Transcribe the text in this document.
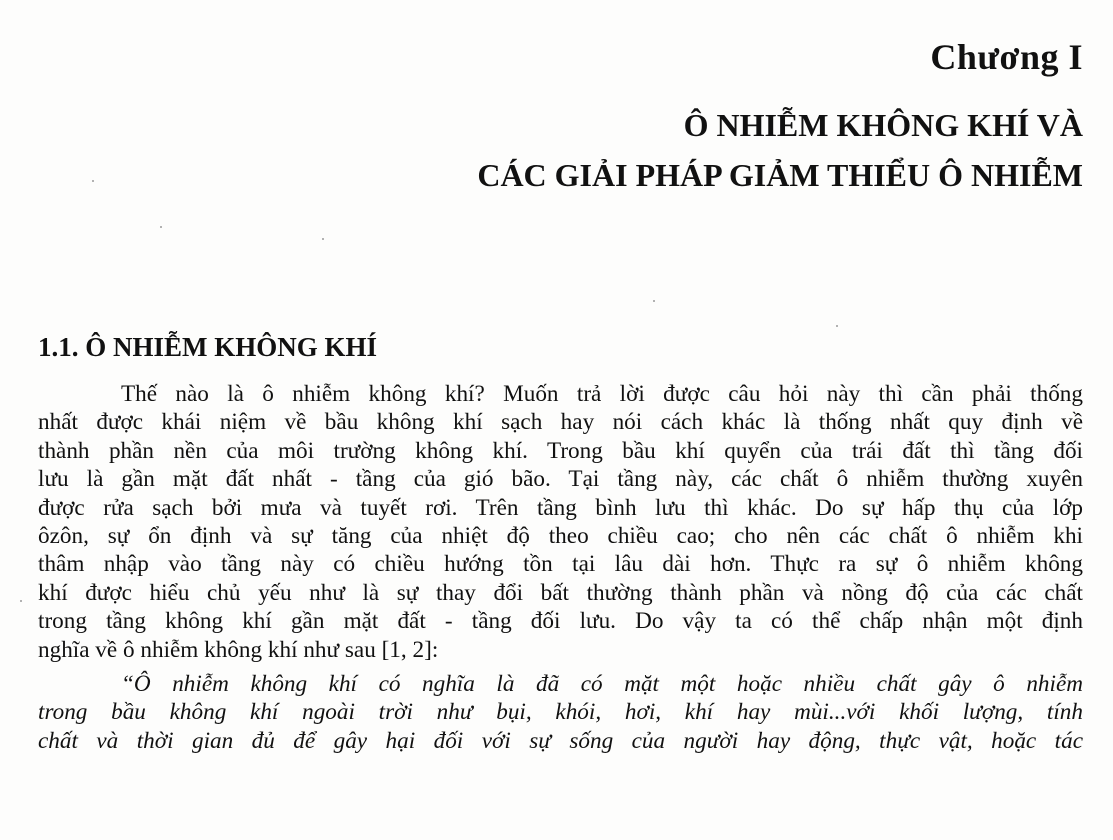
Chương I
Ô NHIỄM KHÔNG KHÍ VÀ
CÁC GIẢI PHÁP GIẢM THIỂU Ô NHIỄM
1.1. Ô NHIỄM KHÔNG KHÍ
Thế nào là ô nhiễm không khí? Muốn trả lời được câu hỏi này thì cần phải thống
nhất được khái niệm về bầu không khí sạch hay nói cách khác là thống nhất quy định về
thành phần nền của môi trường không khí. Trong bầu khí quyển của trái đất thì tầng đối
lưu là gần mặt đất nhất - tầng của gió bão. Tại tầng này, các chất ô nhiễm thường xuyên
được rửa sạch bởi mưa và tuyết rơi. Trên tầng bình lưu thì khác. Do sự hấp thụ của lớp
ôzôn, sự ổn định và sự tăng của nhiệt độ theo chiều cao; cho nên các chất ô nhiễm khi
thâm nhập vào tầng này có chiều hướng tồn tại lâu dài hơn. Thực ra sự ô nhiễm không
khí được hiểu chủ yếu như là sự thay đổi bất thường thành phần và nồng độ của các chất
trong tầng không khí gần mặt đất - tầng đối lưu. Do vậy ta có thể chấp nhận một định
nghĩa về ô nhiễm không khí như sau [1, 2]:
“Ô nhiễm không khí có nghĩa là đã có mặt một hoặc nhiều chất gây ô nhiễm
trong bầu không khí ngoài trời như bụi, khói, hơi, khí hay mùi...với khối lượng, tính
chất và thời gian đủ để gây hại đối với sự sống của người hay động, thực vật, hoặc tác
